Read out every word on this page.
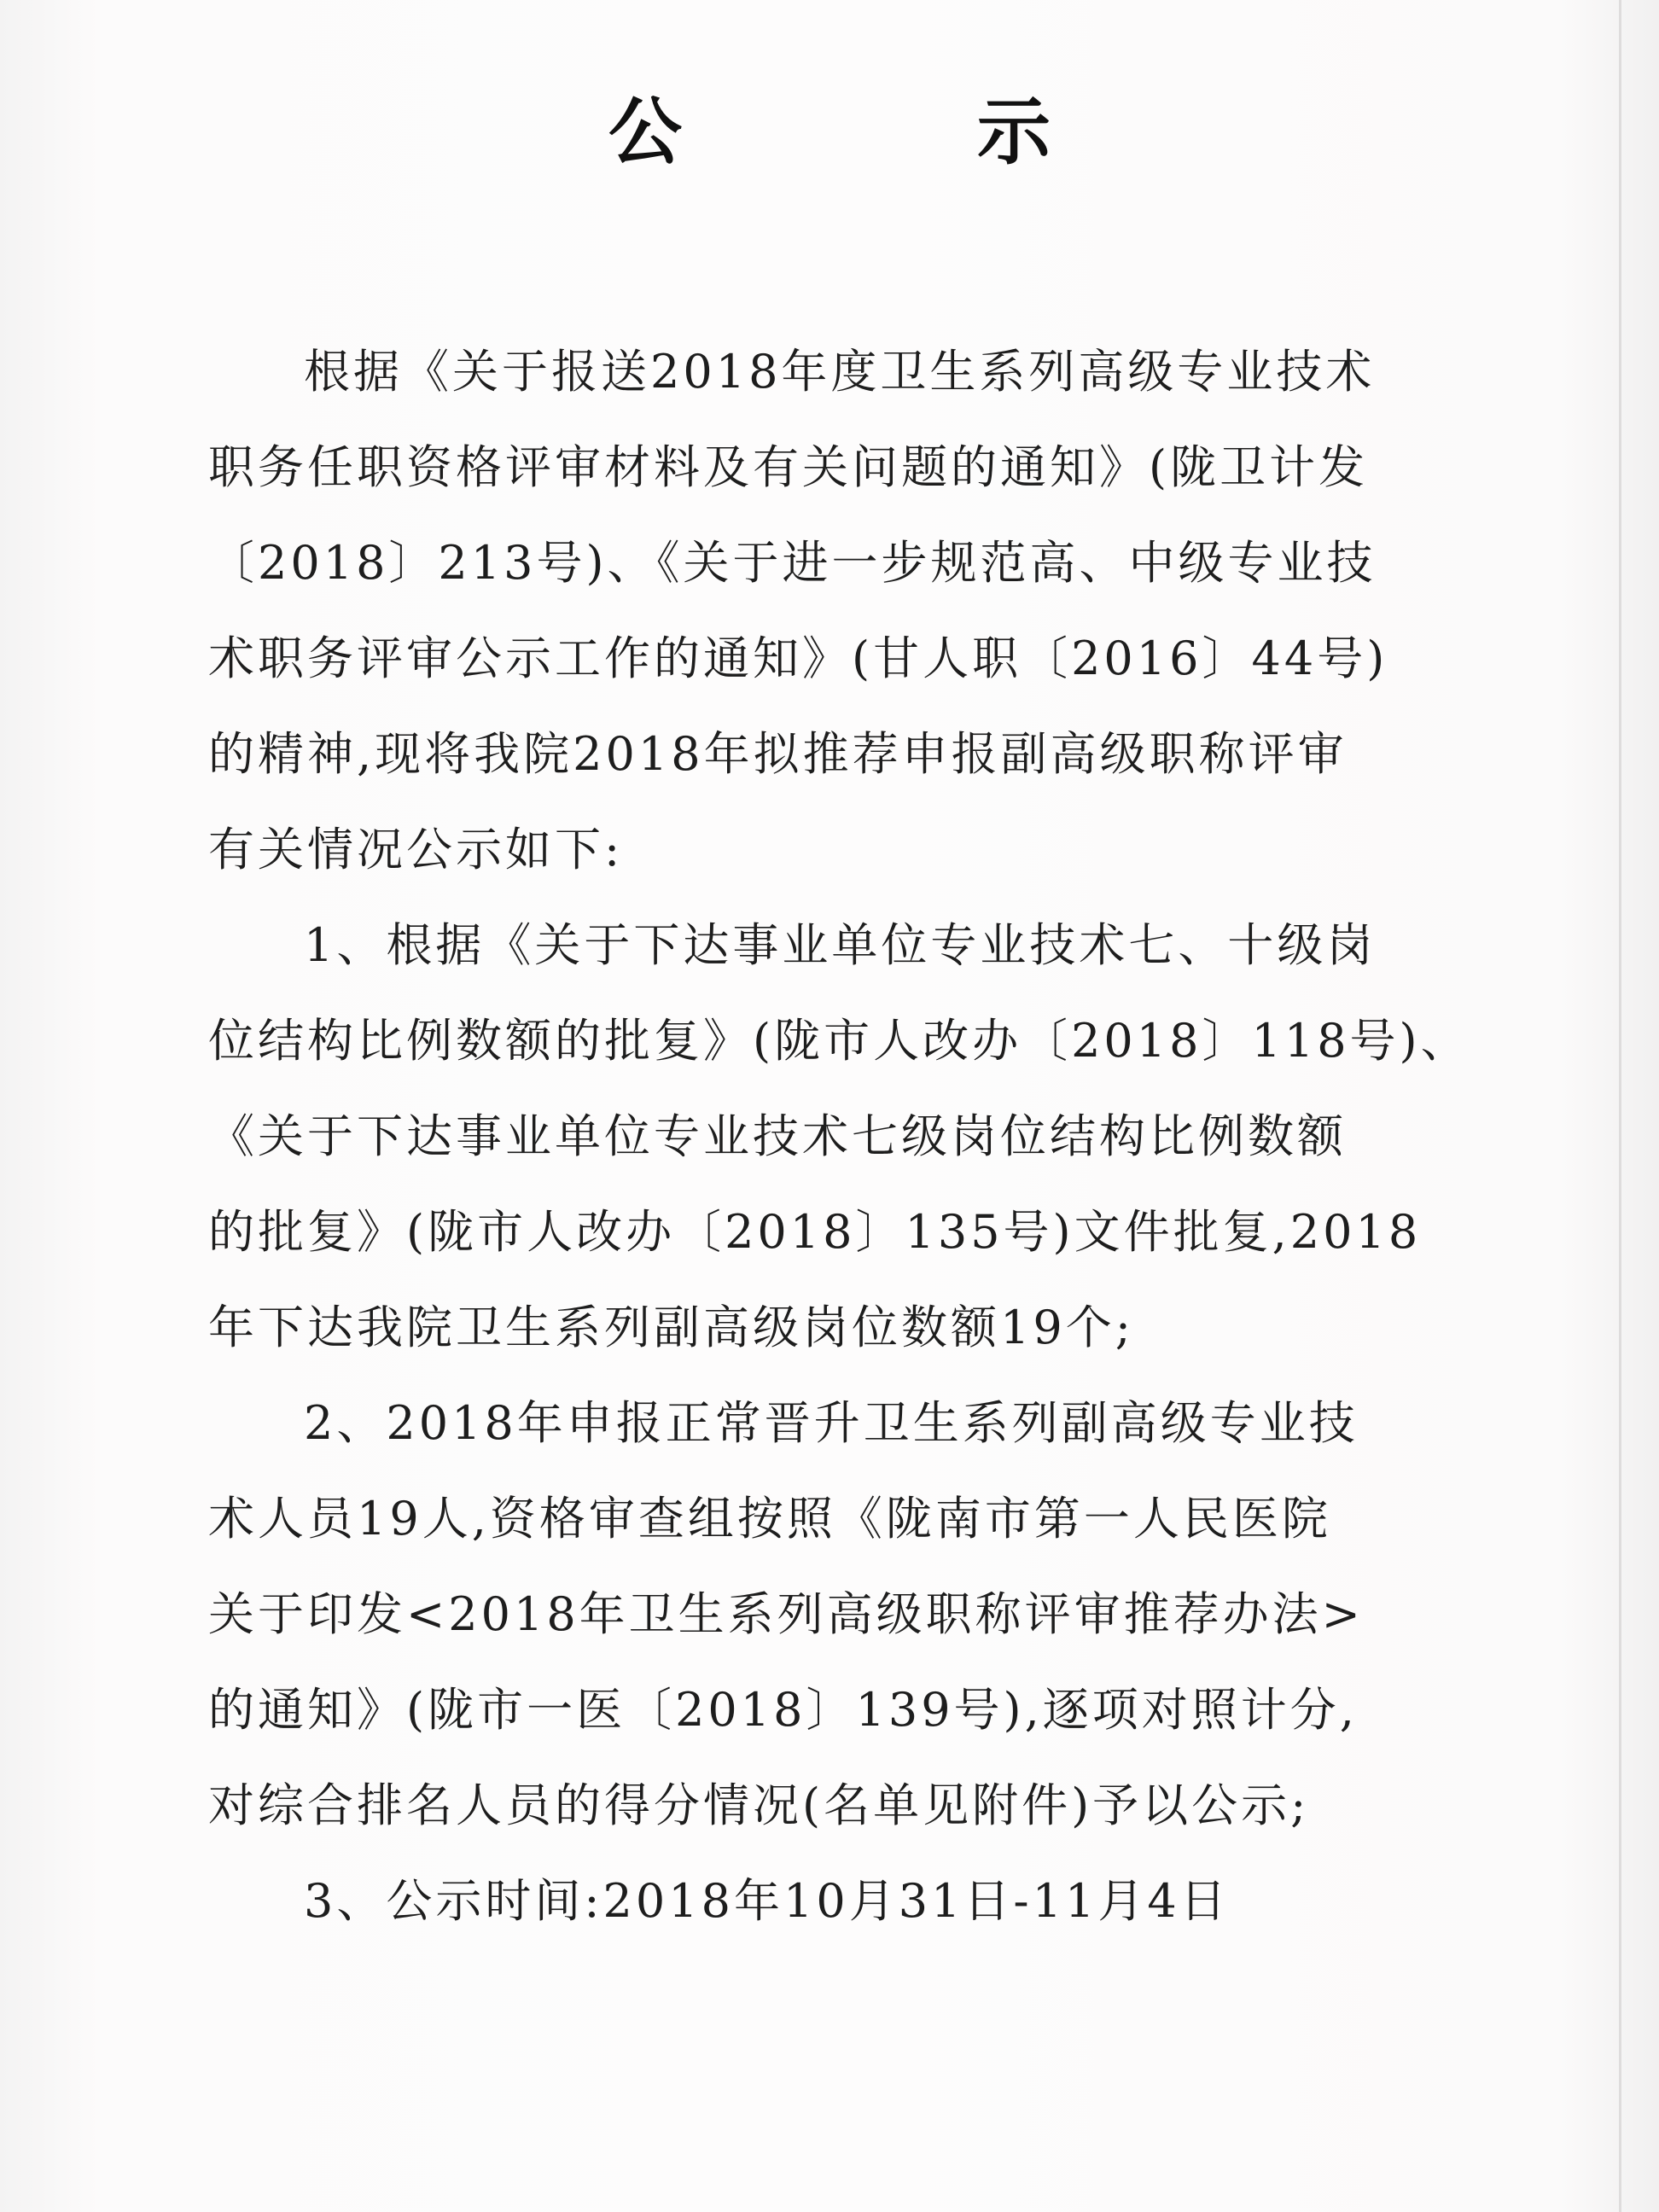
公　示
根据《关于报送2018年度卫生系列高级专业技术
职务任职资格评审材料及有关问题的通知》(陇卫计发
〔2018〕213号)、《关于进一步规范高、中级专业技
术职务评审公示工作的通知》(甘人职〔2016〕44号)
的精神,现将我院2018年拟推荐申报副高级职称评审
有关情况公示如下:
1、根据《关于下达事业单位专业技术七、十级岗
位结构比例数额的批复》(陇市人改办〔2018〕118号)、
《关于下达事业单位专业技术七级岗位结构比例数额
的批复》(陇市人改办〔2018〕135号)文件批复,2018
年下达我院卫生系列副高级岗位数额19个;
2、2018年申报正常晋升卫生系列副高级专业技
术人员19人,资格审查组按照《陇南市第一人民医院
关于印发<2018年卫生系列高级职称评审推荐办法>
的通知》(陇市一医〔2018〕139号),逐项对照计分,
对综合排名人员的得分情况(名单见附件)予以公示;
3、公示时间:2018年10月31日-11月4日
